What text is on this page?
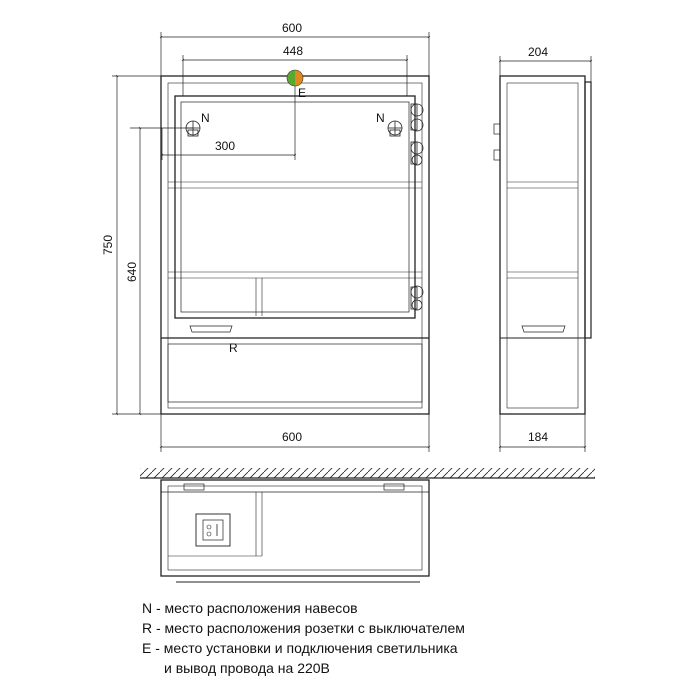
600
448	204
300
600	184
750
640
N	N
E
R
N - место расположения навесов
R - место расположения розетки с выключателем
E - место установки и подключения светильника
и вывод провода на 220В
